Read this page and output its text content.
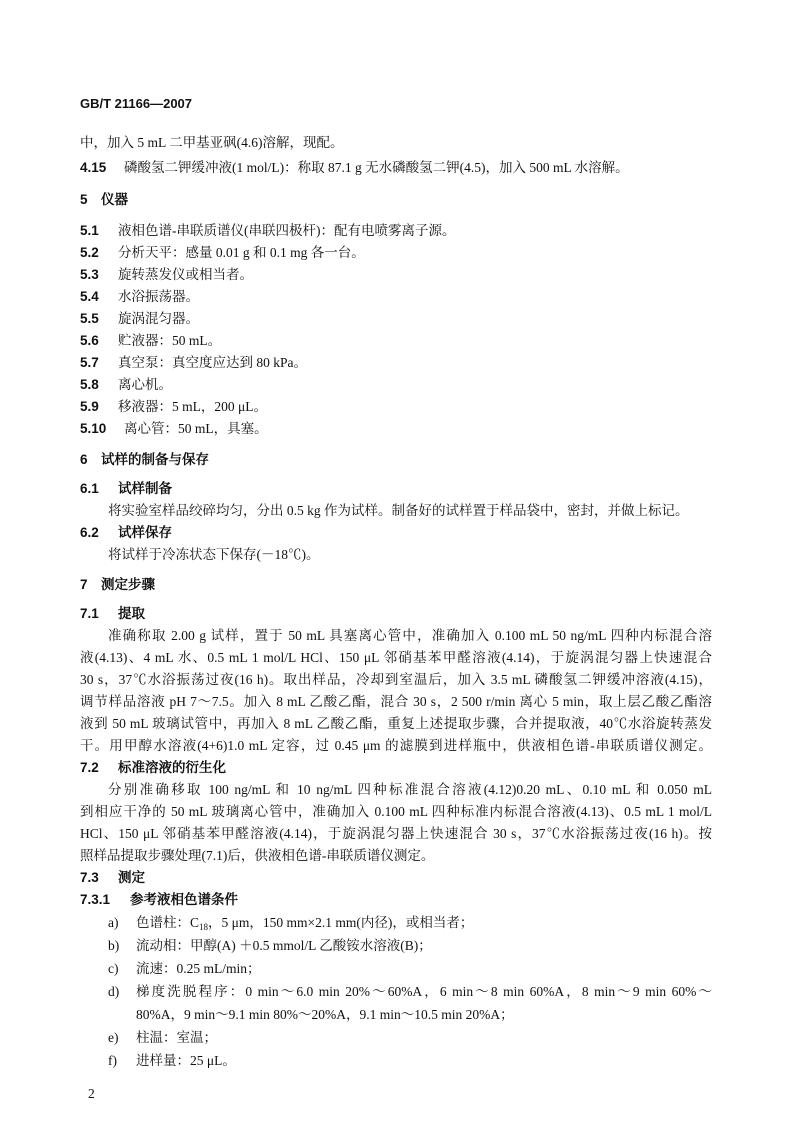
GB/T 21166—2007
中，加入 5 mL 二甲基亚砜(4.6)溶解，现配。
4.15 磷酸氢二钾缓冲液(1 mol/L)：称取 87.1 g 无水磷酸氢二钾(4.5)，加入 500 mL 水溶解。
5 仪器
5.1 液相色谱-串联质谱仪(串联四极杆)：配有电喷雾离子源。
5.2 分析天平：感量 0.01 g 和 0.1 mg 各一台。
5.3 旋转蒸发仪或相当者。
5.4 水浴振荡器。
5.5 旋涡混匀器。
5.6 贮液器：50 mL。
5.7 真空泵：真空度应达到 80 kPa。
5.8 离心机。
5.9 移液器：5 mL，200 μL。
5.10 离心管：50 mL，具塞。
6 试样的制备与保存
6.1 试样制备
将实验室样品绞碎均匀，分出 0.5 kg 作为试样。制备好的试样置于样品袋中，密封，并做上标记。
6.2 试样保存
将试样于冷冻状态下保存(－18℃)。
7 测定步骤
7.1 提取
准确称取 2.00 g 试样，置于 50 mL 具塞离心管中，准确加入 0.100 mL 50 ng/mL 四种内标混合溶
液(4.13)、4 mL 水、0.5 mL 1 mol/L HCl、150 μL 邻硝基苯甲醛溶液(4.14)，于旋涡混匀器上快速混合
30 s，37℃水浴振荡过夜(16 h)。取出样品，冷却到室温后，加入 3.5 mL 磷酸氢二钾缓冲溶液(4.15)，
调节样品溶液 pH 7～7.5。加入 8 mL 乙酸乙酯，混合 30 s，2 500 r/min 离心 5 min，取上层乙酸乙酯溶
液到 50 mL 玻璃试管中，再加入 8 mL 乙酸乙酯，重复上述提取步骤，合并提取液，40℃水浴旋转蒸发
干。用甲醇水溶液(4+6)1.0 mL 定容，过 0.45 μm 的滤膜到进样瓶中，供液相色谱-串联质谱仪测定。
7.2 标准溶液的衍生化
分别准确移取 100 ng/mL 和 10 ng/mL 四种标准混合溶液(4.12)0.20 mL、0.10 mL 和 0.050 mL
到相应干净的 50 mL 玻璃离心管中，准确加入 0.100 mL 四种标准内标混合溶液(4.13)、0.5 mL 1 mol/L
HCl、150 μL 邻硝基苯甲醛溶液(4.14)，于旋涡混匀器上快速混合 30 s，37℃水浴振荡过夜(16 h)。按
照样品提取步骤处理(7.1)后，供液相色谱-串联质谱仪测定。
7.3 测定
7.3.1 参考液相色谱条件
a) 色谱柱：$C_{18}$，5 μm，150 mm×2.1 mm(内径)，或相当者；
b) 流动相：甲醇(A) ＋0.5 mmol/L 乙酸铵水溶液(B)；
c) 流速：0.25 mL/min；
d) 梯度洗脱程序：0 min～6.0 min 20%～60%A，6 min～8 min 60%A，8 min～9 min 60%～
80%A，9 min～9.1 min 80%～20%A，9.1 min～10.5 min 20%A；
e) 柱温：室温；
f) 进样量：25 μL。
2
